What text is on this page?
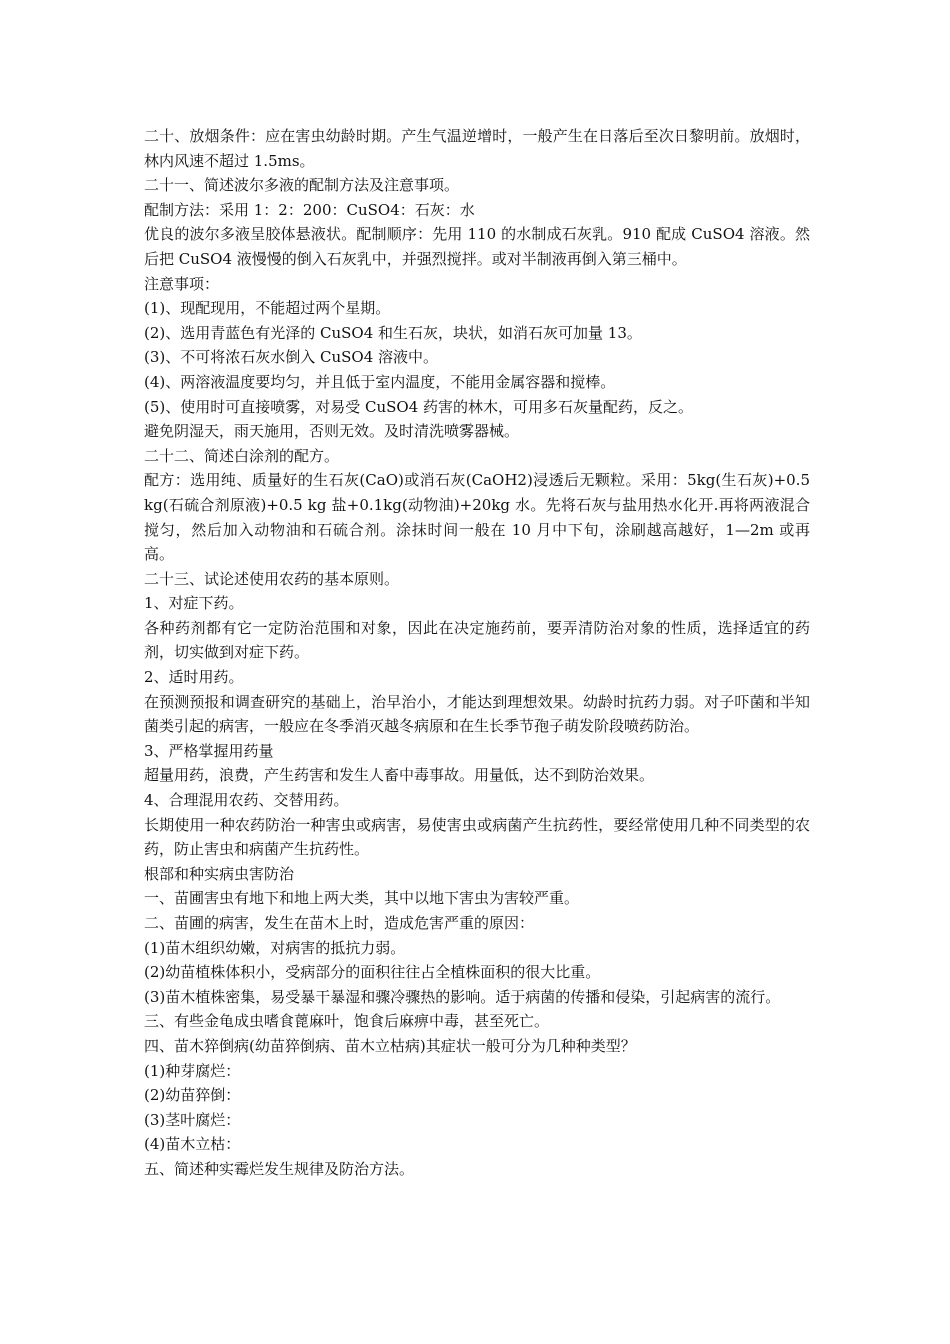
二十、放烟条件：应在害虫幼龄时期。产生气温逆增时，一般产生在日落后至次日黎明前。放烟时，林内风速不超过 1.5ms。

二十一、简述波尔多液的配制方法及注意事项。

配制方法：采用 1：2：200：CuSO4：石灰：水

优良的波尔多液呈胶体悬液状。配制顺序：先用 110 的水制成石灰乳。910 配成 CuSO4 溶液。然后把 CuSO4 液慢慢的倒入石灰乳中，并强烈搅拌。或对半制液再倒入第三桶中。

注意事项：

(1)、现配现用，不能超过两个星期。

(2)、选用青蓝色有光泽的 CuSO4 和生石灰，块状，如消石灰可加量 13。

(3)、不可将浓石灰水倒入 CuSO4 溶液中。

(4)、两溶液温度要均匀，并且低于室内温度，不能用金属容器和搅棒。

(5)、使用时可直接喷雾，对易受 CuSO4 药害的林木，可用多石灰量配药，反之。

避免阴湿天，雨天施用，否则无效。及时清洗喷雾器械。

二十二、简述白涂剂的配方。

配方：选用纯、质量好的生石灰(CaO)或消石灰(CaOH2)浸透后无颗粒。采用：5kg(生石灰)+0.5 kg(石硫合剂原液)+0.5 kg 盐+0.1kg(动物油)+20kg 水。先将石灰与盐用热水化开.再将两液混合搅匀，然后加入动物油和石硫合剂。涂抹时间一般在 10 月中下旬，涂刷越高越好，1—2m 或再高。

二十三、试论述使用农药的基本原则。

1、对症下药。

各种药剂都有它一定防治范围和对象，因此在决定施药前，要弄清防治对象的性质，选择适宜的药剂，切实做到对症下药。

2、适时用药。

在预测预报和调查研究的基础上，治早治小，才能达到理想效果。幼龄时抗药力弱。对子吓菌和半知菌类引起的病害，一般应在冬季消灭越冬病原和在生长季节孢子萌发阶段喷药防治。

3、严格掌握用药量

超量用药，浪费，产生药害和发生人畜中毒事故。用量低，达不到防治效果。

4、合理混用农药、交替用药。

长期使用一种农药防治一种害虫或病害，易使害虫或病菌产生抗药性，要经常使用几种不同类型的农药，防止害虫和病菌产生抗药性。

根部和种实病虫害防治

一、苗圃害虫有地下和地上两大类，其中以地下害虫为害较严重。

二、苗圃的病害，发生在苗木上时，造成危害严重的原因：

(1)苗木组织幼嫩，对病害的抵抗力弱。

(2)幼苗植株体积小，受病部分的面积往往占全植株面积的很大比重。

(3)苗木植株密集，易受暴干暴湿和骤冷骤热的影响。适于病菌的传播和侵染，引起病害的流行。

三、有些金龟成虫嗜食蓖麻叶，饱食后麻痹中毒，甚至死亡。

四、苗木猝倒病(幼苗猝倒病、苗木立枯病)其症状一般可分为几种种类型？

(1)种芽腐烂：

(2)幼苗猝倒：

(3)茎叶腐烂：

(4)苗木立枯：

五、简述种实霉烂发生规律及防治方法。
